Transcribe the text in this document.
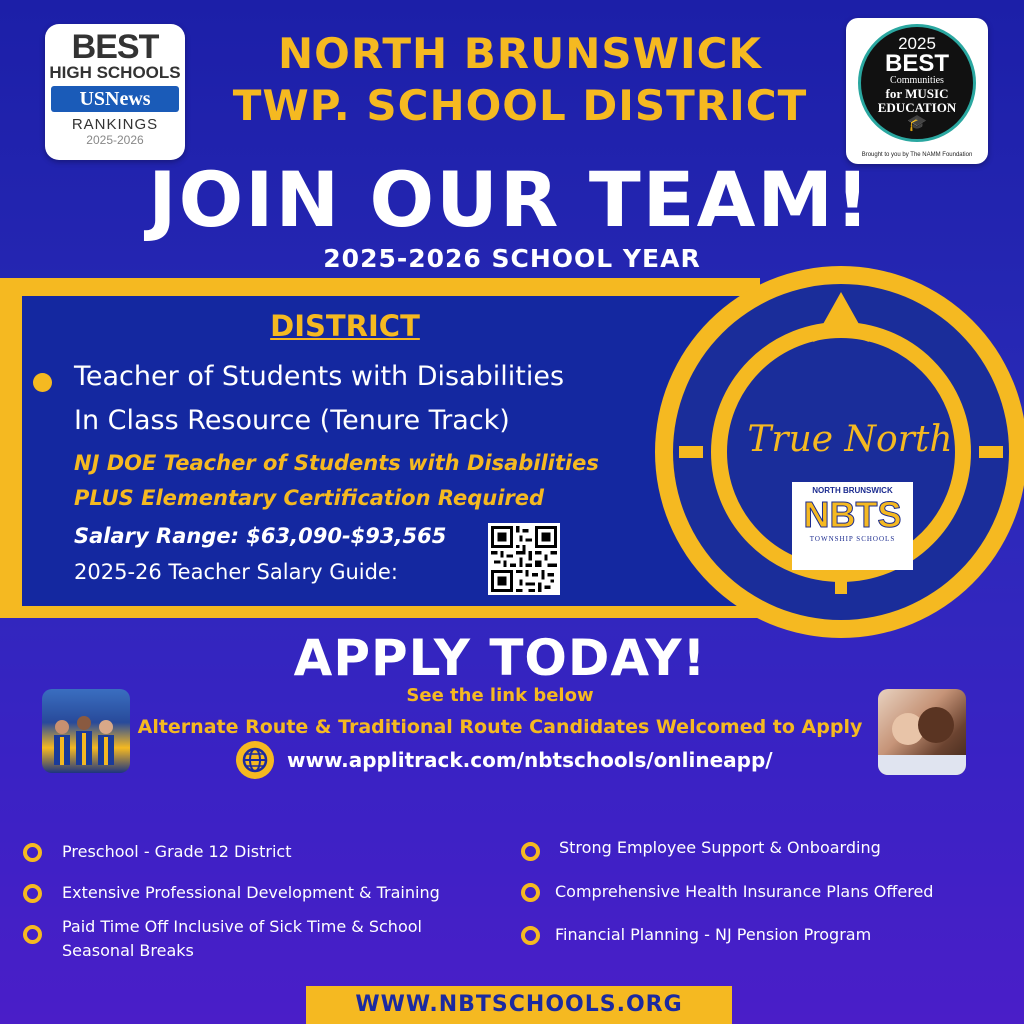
BEST
HIGH SCHOOLS
USNews
RANKINGS
2025-2026
2025
BEST
Communities
for MUSIC
EDUCATION
🎓
Brought to you by The NAMM Foundation
NORTH BRUNSWICK
TWP. SCHOOL DISTRICT
JOIN OUR TEAM!
2025-2026 SCHOOL YEAR
DISTRICT
Teacher of Students with Disabilities
In Class Resource (Tenure Track)
NJ DOE Teacher of Students with Disabilities
PLUS Elementary Certification Required
Salary Range: $63,090-$93,565
2025-26 Teacher Salary Guide:
True North
NORTH BRUNSWICK
NBTS
TOWNSHIP SCHOOLS
APPLY TODAY!
See the link below
Alternate Route & Traditional Route Candidates Welcomed to Apply
www.applitrack.com/nbtschools/onlineapp/
Preschool - Grade 12 District
Extensive Professional Development & Training
Paid Time Off Inclusive of Sick Time & School Seasonal Breaks
Strong Employee Support & Onboarding
Comprehensive Health Insurance Plans Offered
Financial Planning - NJ Pension Program
WWW.NBTSCHOOLS.ORG
